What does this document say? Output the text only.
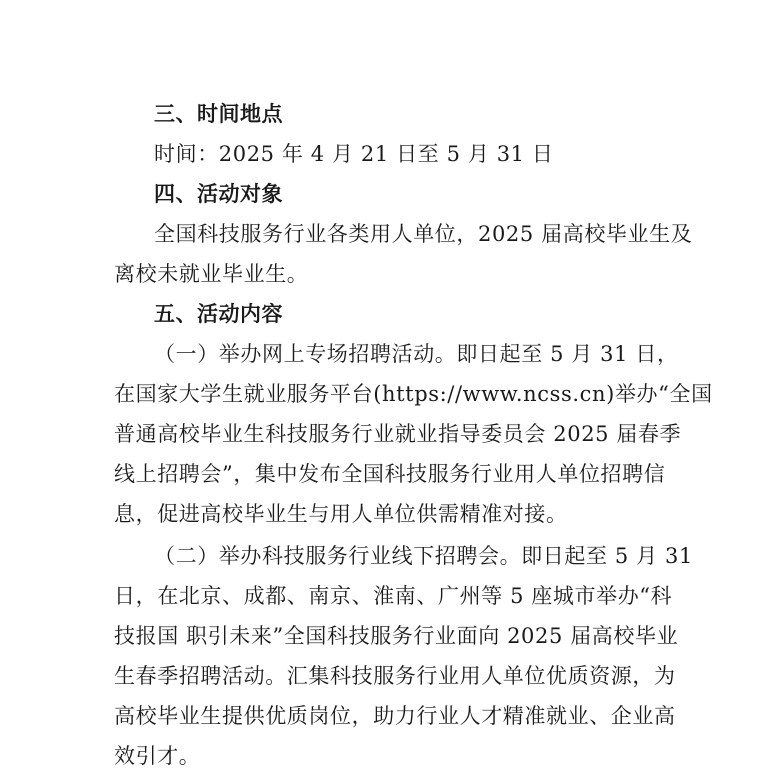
三、时间地点
时间：2025 年 4 月 21 日至 5 月 31 日
四、活动对象
全国科技服务行业各类用人单位，2025 届高校毕业生及
离校未就业毕业生。
五、活动内容
（一）举办网上专场招聘活动。即日起至 5 月 31 日，
在国家大学生就业服务平台(https://www.ncss.cn)举办“全国
普通高校毕业生科技服务行业就业指导委员会 2025 届春季
线上招聘会”，集中发布全国科技服务行业用人单位招聘信
息，促进高校毕业生与用人单位供需精准对接。
（二）举办科技服务行业线下招聘会。即日起至 5 月 31
日，在北京、成都、南京、淮南、广州等 5 座城市举办“科
技报国 职引未来”全国科技服务行业面向 2025 届高校毕业
生春季招聘活动。汇集科技服务行业用人单位优质资源，为
高校毕业生提供优质岗位，助力行业人才精准就业、企业高
效引才。
